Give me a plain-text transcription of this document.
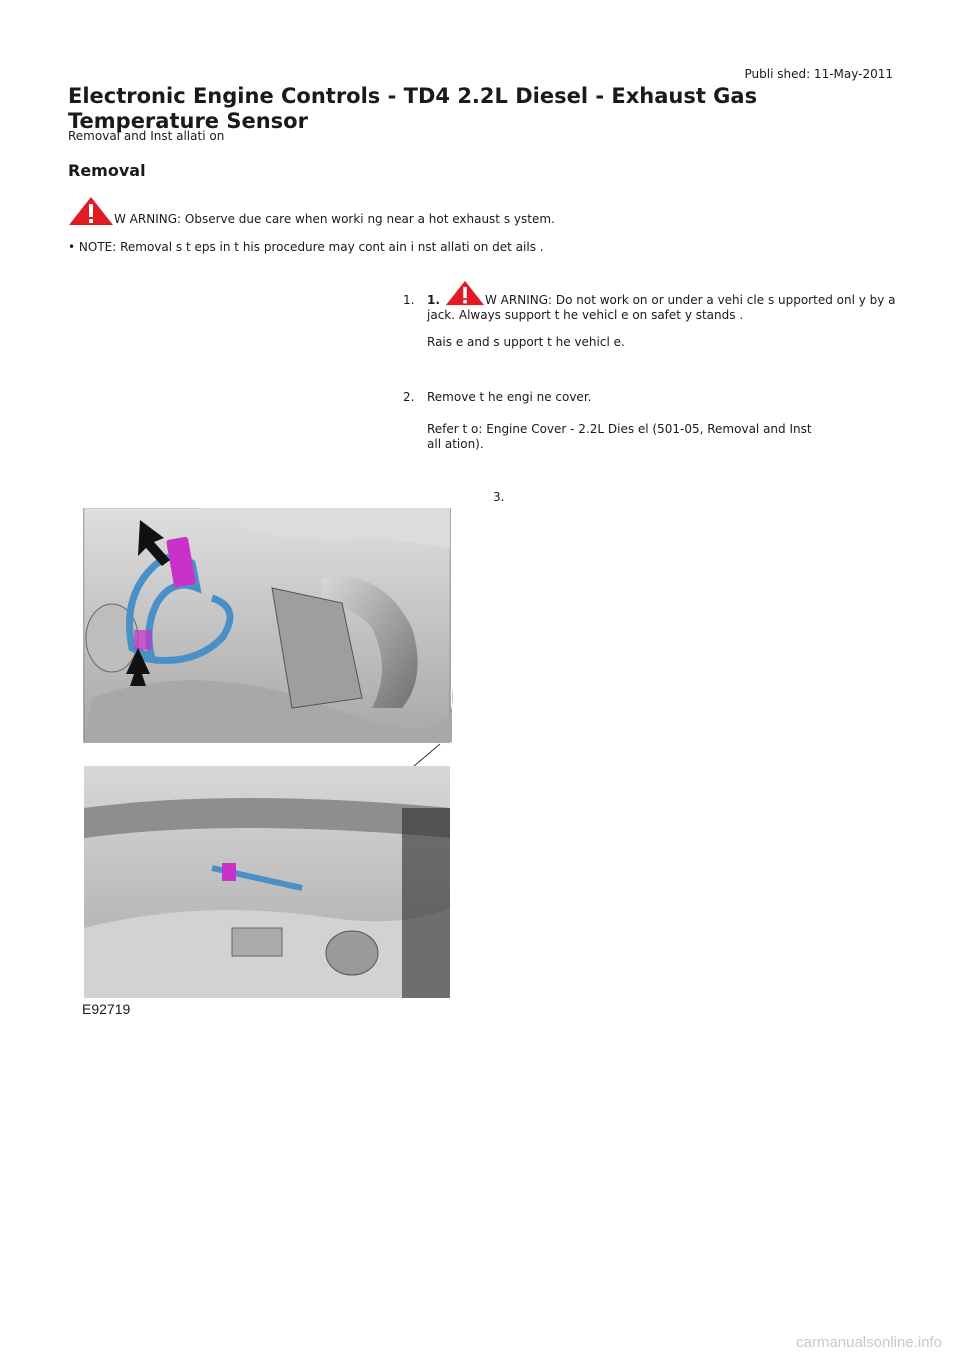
Publi shed: 11-May-2011
Electronic Engine Controls - TD4 2.2L Diesel - Exhaust Gas Temperature Sensor
Removal and Inst allati on
Removal
W ARNING: Observe due care when worki ng near a hot exhaust s ystem.
• NOTE: Removal s t eps in t his procedure may cont ain i nst allati on det ails .
1. 1.	W ARNING: Do not work on or under a vehi cle s upported onl y by a jack. Always support t he vehicl e on safet y stands .

Rais e and s upport t he vehicl e.

2. Remove t he engi ne cover.

Refer t o: Engine Cover - 2.2L Dies el (501-05, Removal and Inst all ation).

3.
E92719
carmanualsonline.info
